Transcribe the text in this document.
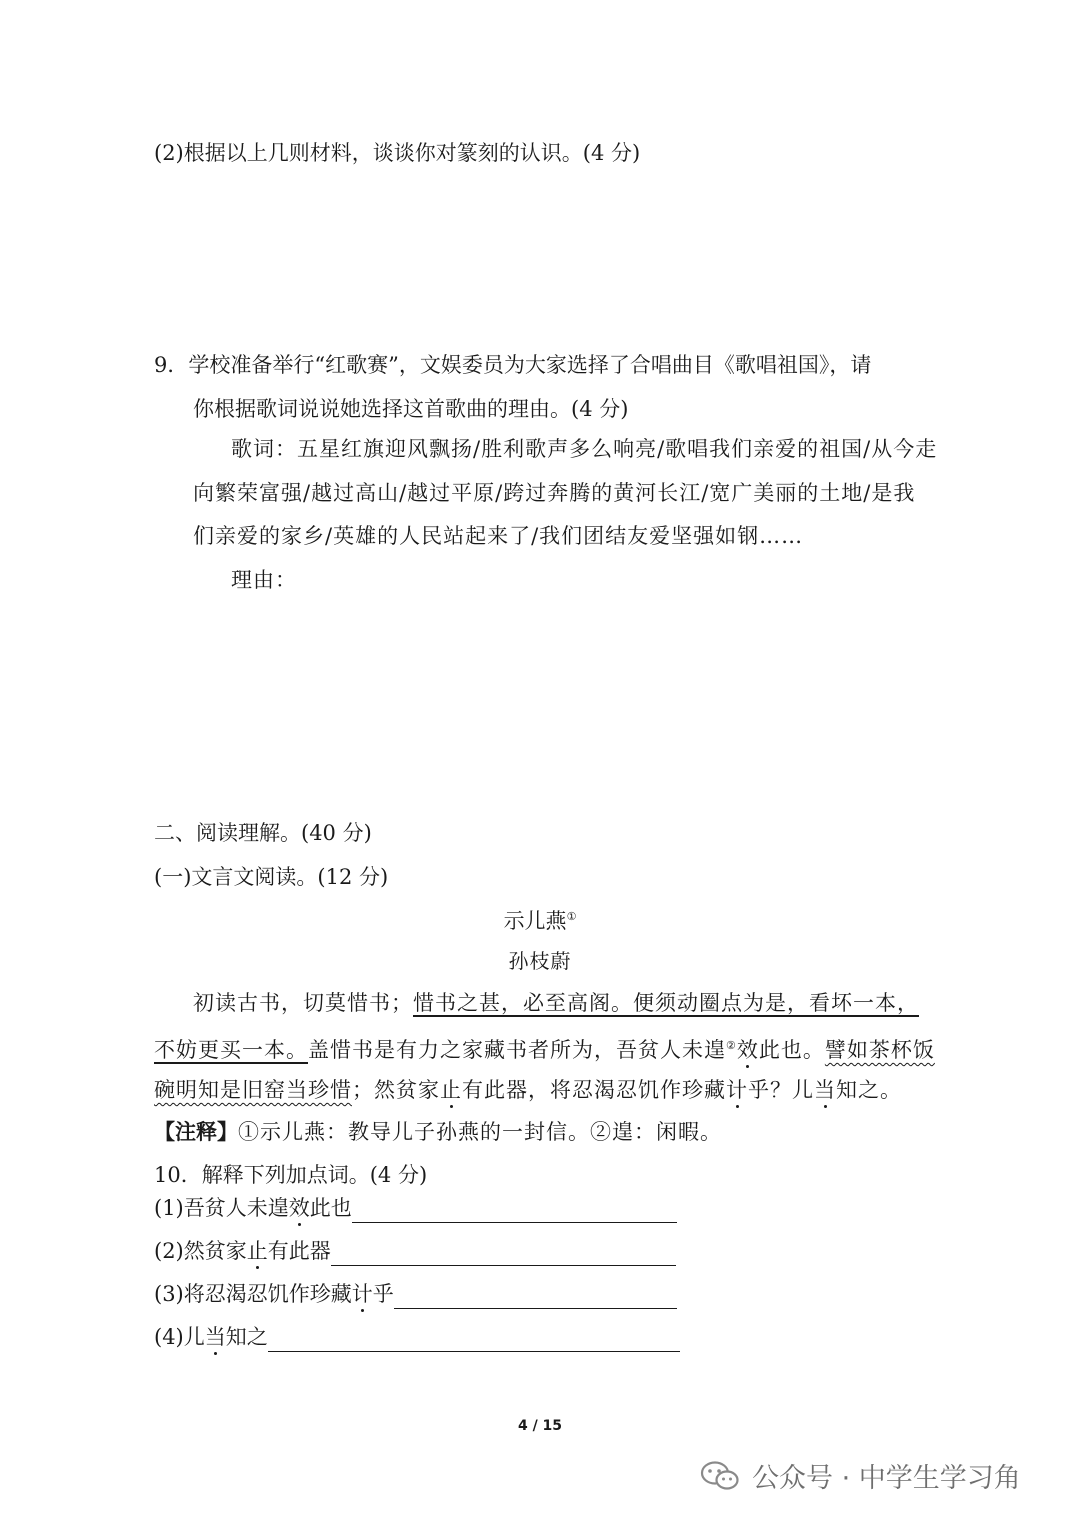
(2)根据以上几则材料，谈谈你对篆刻的认识。(4 分)
9．学校准备举行“红歌赛”，文娱委员为大家选择了合唱曲目《歌唱祖国》，请
你根据歌词说说她选择这首歌曲的理由。(4 分)
歌词：五星红旗迎风飘扬/胜利歌声多么响亮/歌唱我们亲爱的祖国/从今走
向繁荣富强/越过高山/越过平原/跨过奔腾的黄河长江/宽广美丽的土地/是我
们亲爱的家乡/英雄的人民站起来了/我们团结友爱坚强如钢……
理由：
二、阅读理解。(40 分)
(一)文言文阅读。(12 分)
示儿燕①
孙枝蔚
初读古书，切莫惜书；惜书之甚，必至高阁。便须动圈点为是，看坏一本，
不妨更买一本。盖惜书是有力之家藏书者所为，吾贫人未遑②效此也。譬如茶杯饭
碗明知是旧窑当珍惜；然贫家止有此器，将忍渴忍饥作珍藏计乎？儿当知之。
【注释】①示儿燕：教导儿子孙燕的一封信。②遑：闲暇。
10．解释下列加点词。(4 分)
(1)吾贫人未遑效此也
(2)然贫家止有此器
(3)将忍渴忍饥作珍藏计乎
(4)儿当知之
4 / 15
公众号 · 中学生学习角
